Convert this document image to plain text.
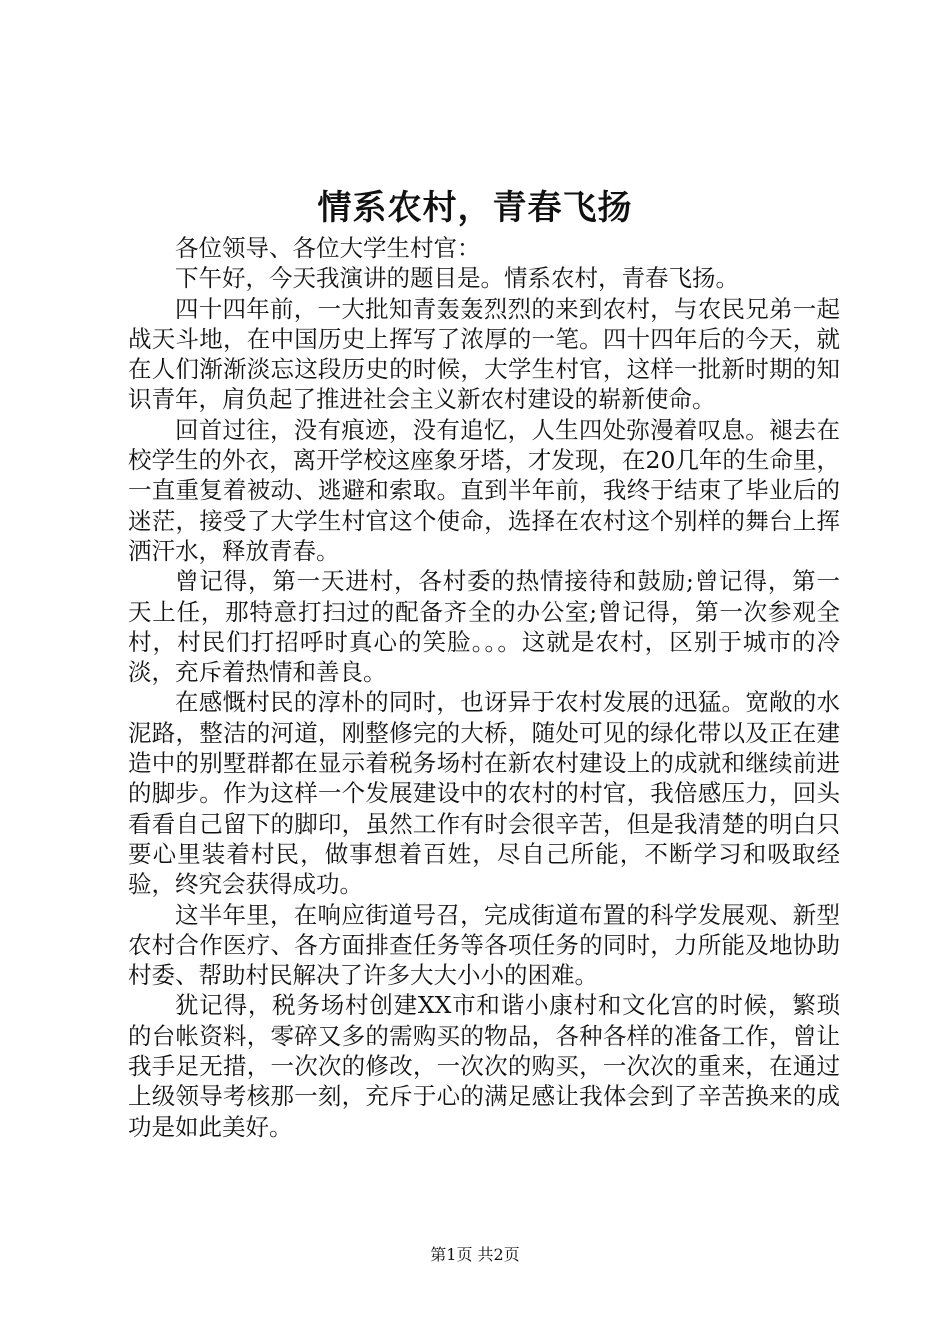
情系农村，青春飞扬

各位领导、各位大学生村官：

下午好，今天我演讲的题目是。情系农村，青春飞扬。

四十四年前，一大批知青轰轰烈烈的来到农村，与农民兄弟一起战天斗地，在中国历史上挥写了浓厚的一笔。四十四年后的今天，就在人们渐渐淡忘这段历史的时候，大学生村官，这样一批新时期的知识青年，肩负起了推进社会主义新农村建设的崭新使命。

回首过往，没有痕迹，没有追忆，人生四处弥漫着叹息。褪去在校学生的外衣，离开学校这座象牙塔，才发现，在20几年的生命里，一直重复着被动、逃避和索取。直到半年前，我终于结束了毕业后的迷茫，接受了大学生村官这个使命，选择在农村这个别样的舞台上挥洒汗水，释放青春。

曾记得，第一天进村，各村委的热情接待和鼓励;曾记得，第一天上任，那特意打扫过的配备齐全的办公室;曾记得，第一次参观全村，村民们打招呼时真心的笑脸。。。这就是农村，区别于城市的冷淡，充斥着热情和善良。

在感慨村民的淳朴的同时，也讶异于农村发展的迅猛。宽敞的水泥路，整洁的河道，刚整修完的大桥，随处可见的绿化带以及正在建造中的别墅群都在显示着税务场村在新农村建设上的成就和继续前进的脚步。作为这样一个发展建设中的农村的村官，我倍感压力，回头看看自己留下的脚印，虽然工作有时会很辛苦，但是我清楚的明白只要心里装着村民，做事想着百姓，尽自己所能，不断学习和吸取经验，终究会获得成功。

这半年里，在响应街道号召，完成街道布置的科学发展观、新型农村合作医疗、各方面排查任务等各项任务的同时，力所能及地协助村委、帮助村民解决了许多大大小小的困难。

犹记得，税务场村创建XX市和谐小康村和文化宫的时候，繁琐的台帐资料，零碎又多的需购买的物品，各种各样的准备工作，曾让我手足无措，一次次的修改，一次次的购买，一次次的重来，在通过上级领导考核那一刻，充斥于心的满足感让我体会到了辛苦换来的成功是如此美好。

第1页 共2页
